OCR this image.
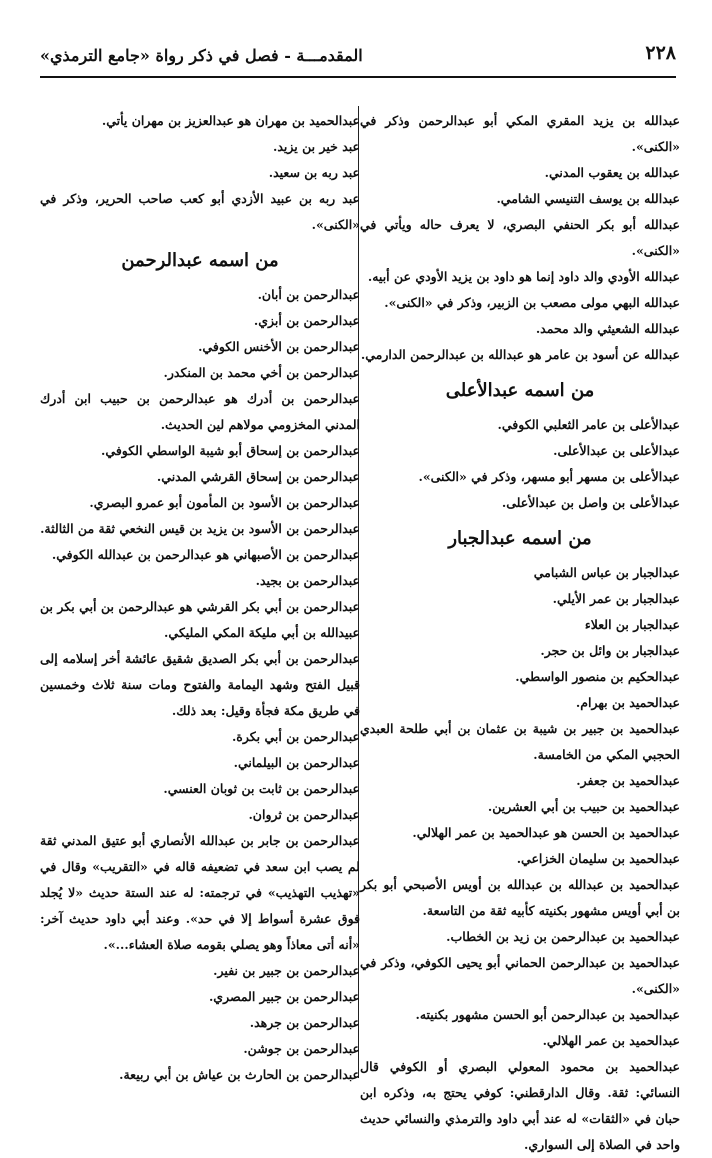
٢٢٨
المقدمـــة - فصل في ذكر رواة «جامع الترمذي»

عبدالله بن يزيد المقري المكي أبو عبدالرحمن وذكر في «الكنى».

عبدالله بن يعقوب المدني.

عبدالله بن يوسف التنيسي الشامي.

عبدالله أبو بكر الحنفي البصري، لا يعرف حاله ويأتي في «الكنى».

عبدالله الأودي والد داود إنما هو داود بن يزيد الأودي عن أبيه.

عبدالله البهي مولى مصعب بن الزبير، وذكر في «الكنى».

عبدالله الشعيثي والد محمد.

عبدالله عن أسود بن عامر هو عبدالله بن عبدالرحمن الدارمي.

من اسمه عبدالأعلى

عبدالأعلى بن عامر الثعلبي الكوفي.

عبدالأعلى بن عبدالأعلى.

عبدالأعلى بن مسهر أبو مسهر، وذكر في «الكنى».

عبدالأعلى بن واصل بن عبدالأعلى.

من اسمه عبدالجبار

عبدالجبار بن عباس الشبامي

عبدالجبار بن عمر الأيلي.

عبدالجبار بن العلاء

عبدالجبار بن وائل بن حجر.

عبدالحكيم بن منصور الواسطي.

عبدالحميد بن بهرام.

عبدالحميد بن جبير بن شيبة بن عثمان بن أبي طلحة العبدي الحجبي المكي من الخامسة.

عبدالحميد بن جعفر.

عبدالحميد بن حبيب بن أبي العشرين.

عبدالحميد بن الحسن هو عبدالحميد بن عمر الهلالي.

عبدالحميد بن سليمان الخزاعي.

عبدالحميد بن عبدالله بن عبدالله بن أويس الأصبحي أبو بكر بن أبي أويس مشهور بكنيته كأبيه ثقة من التاسعة.

عبدالحميد بن عبدالرحمن بن زيد بن الخطاب.

عبدالحميد بن عبدالرحمن الحماني أبو يحيى الكوفي، وذكر في «الكنى».

عبدالحميد بن عبدالرحمن أبو الحسن مشهور بكنيته.

عبدالحميد بن عمر الهلالي.

عبدالحميد بن محمود المعولي البصري أو الكوفي قال النسائي: ثقة. وقال الدارقطني: كوفي يحتج به، وذكره ابن حبان في «الثقات» له عند أبي داود والترمذي والنسائي حديث واحد في الصلاة إلى السواري.

عبدالحميد بن مهران هو عبدالعزيز بن مهران يأتي.

عبد خير بن يزيد.

عبد ربه بن سعيد.

عبد ربه بن عبيد الأزدي أبو كعب صاحب الحرير، وذكر في «الكنى».

من اسمه عبدالرحمن

عبدالرحمن بن أبان.

عبدالرحمن بن أبزي.

عبدالرحمن بن الأخنس الكوفي.

عبدالرحمن بن أخي محمد بن المنكدر.

عبدالرحمن بن أدرك هو عبدالرحمن بن حبيب ابن أدرك المدني المخزومي مولاهم لين الحديث.

عبدالرحمن بن إسحاق أبو شيبة الواسطي الكوفي.

عبدالرحمن بن إسحاق القرشي المدني.

عبدالرحمن بن الأسود بن المأمون أبو عمرو البصري.

عبدالرحمن بن الأسود بن يزيد بن قيس النخعي ثقة من الثالثة.

عبدالرحمن بن الأصبهاني هو عبدالرحمن بن عبدالله الكوفي.

عبدالرحمن بن بجيد.

عبدالرحمن بن أبي بكر القرشي هو عبدالرحمن بن أبي بكر بن عبيدالله بن أبي مليكة المكي المليكي.

عبدالرحمن بن أبي بكر الصديق شقيق عائشة أخر إسلامه إلى قبيل الفتح وشهد اليمامة والفتوح ومات سنة ثلاث وخمسين في طريق مكة فجأة وقيل: بعد ذلك.

عبدالرحمن بن أبي بكرة.

عبدالرحمن بن البيلماني.

عبدالرحمن بن ثابت بن ثوبان العنسي.

عبدالرحمن بن ثروان.

عبدالرحمن بن جابر بن عبدالله الأنصاري أبو عتيق المدني ثقة لم يصب ابن سعد في تضعيفه قاله في «التقريب» وقال في «تهذيب التهذيب» في ترجمته: له عند الستة حديث «لا يُجلد فوق عشرة أسواط إلا في حد». وعند أبي داود حديث آخر: «أنه أتى معاذاً وهو يصلي بقومه صلاة العشاء...».

عبدالرحمن بن جبير بن نفير.

عبدالرحمن بن جبير المصري.

عبدالرحمن بن جرهد.

عبدالرحمن بن جوشن.

عبدالرحمن بن الحارث بن عياش بن أبي ربيعة.
